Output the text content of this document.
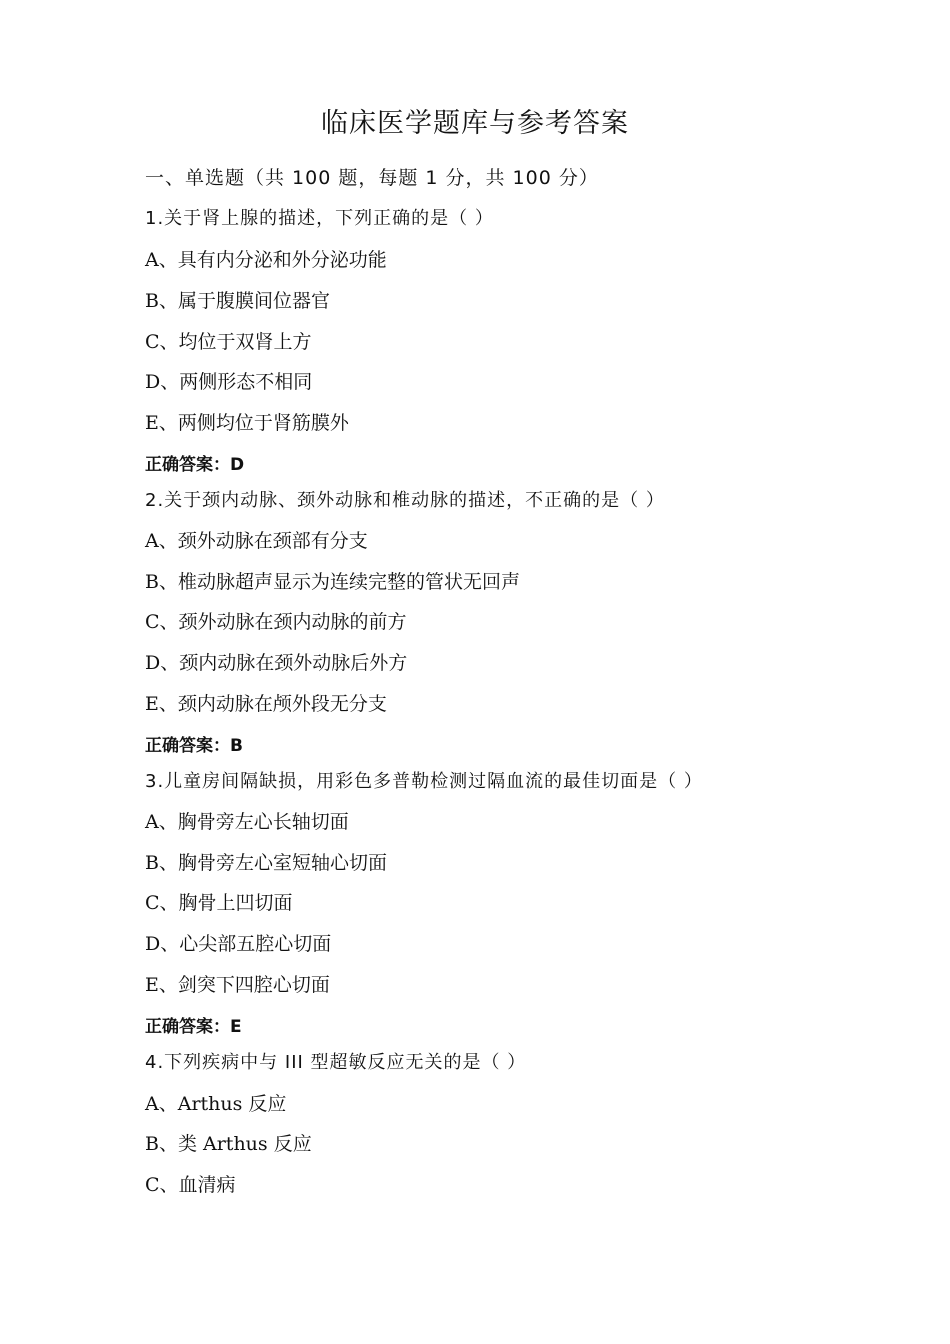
临床医学题库与参考答案
一、单选题（共 100 题，每题 1 分，共 100 分）
1.关于肾上腺的描述，下列正确的是（ ）
A、具有内分泌和外分泌功能
B、属于腹膜间位器官
C、均位于双肾上方
D、两侧形态不相同
E、两侧均位于肾筋膜外
正确答案：D
2.关于颈内动脉、颈外动脉和椎动脉的描述，不正确的是（ ）
A、颈外动脉在颈部有分支
B、椎动脉超声显示为连续完整的管状无回声
C、颈外动脉在颈内动脉的前方
D、颈内动脉在颈外动脉后外方
E、颈内动脉在颅外段无分支
正确答案：B
3.儿童房间隔缺损，用彩色多普勒检测过隔血流的最佳切面是（ ）
A、胸骨旁左心长轴切面
B、胸骨旁左心室短轴心切面
C、胸骨上凹切面
D、心尖部五腔心切面
E、剑突下四腔心切面
正确答案：E
4.下列疾病中与 III 型超敏反应无关的是（ ）
A、Arthus 反应
B、类 Arthus 反应
C、血清病
